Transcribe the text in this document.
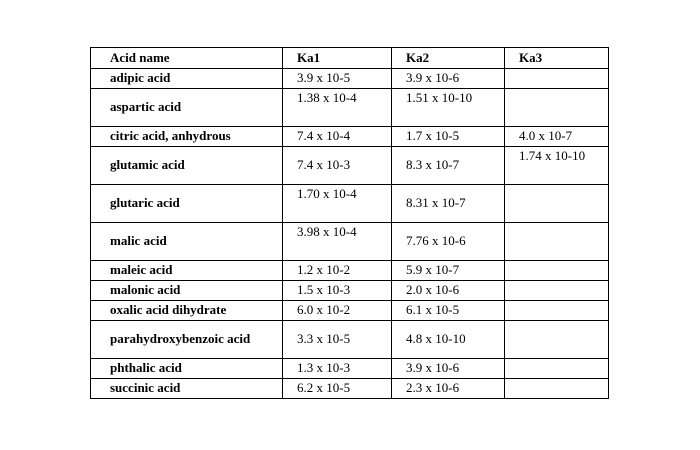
Acid name	Ka1	Ka2	Ka3
adipic acid	3.9 x 10-5	3.9 x 10-6	
aspartic acid	1.38 x 10-4	1.51 x 10-10	
citric acid, anhydrous	7.4 x 10-4	1.7 x 10-5	4.0 x 10-7
glutamic acid	7.4 x 10-3	8.3 x 10-7	1.74 x 10-10
glutaric acid	1.70 x 10-4	8.31 x 10-7	
malic acid	3.98 x 10-4	7.76 x 10-6	
maleic acid	1.2 x 10-2	5.9 x 10-7	
malonic acid	1.5 x 10-3	2.0 x 10-6	
oxalic acid dihydrate	6.0 x 10-2	6.1 x 10-5	
parahydroxybenzoic acid	3.3 x 10-5	4.8 x 10-10	
phthalic acid	1.3 x 10-3	3.9 x 10-6	
succinic acid	6.2 x 10-5	2.3 x 10-6	
